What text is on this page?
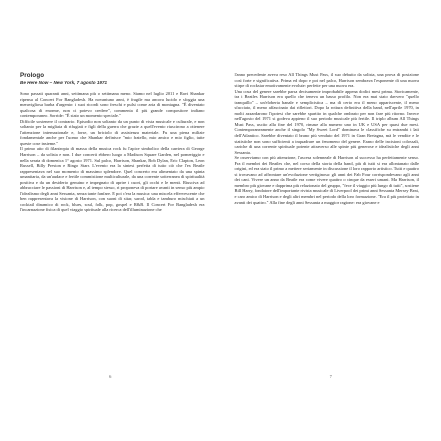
Prologo
Be Here Now – New York, 7 agosto 1971

Sono passati quaranti anni, settimana più o settimana meno. Siamo nel luglio 2011 e Ravi Shankar ripensa al Concert For Bangladesh. Ha novantuno anni, è fragile ma ancora lucido e sfoggia una meravigliosa barba d'argento: i suoi ricordi sono freschi e pulsi come aria di montagna. "È diventato qualcosa di enorme, non ci potevo credere", commenta il più grande compositore indiano contemporaneo. Sorride: "È stato un momento speciale."

Difficile sostenere il contrario. Episodio non soltanto da un punto di vista musicale e culturale, e non soltanto per la migliaia di rifugiati e figli della guerra che grazie a quell'evento riuscirono a ottenere l'attenzione internazionale e, forse, un briciolo di assistenza materiale. Fu una piena milizie fondamentale anche per l'uomo che Shankar definisce "mio fratello, mio amico e mio figlio, tutte queste cose insieme."

Il primo atto di filantropia di massa della musica rock fu l'apice simbolico della carriera di George Harrison – da solista e non. I due concerti ebbero luogo a Madison Square Garden, nel pomeriggio e nella serata di domenica 1° agosto 1971. Sul palco, Harrison, Shankar, Bob Dylan, Eric Clapton, Leon Russell, Billy Preston e Ringo Starr. L'evento era la sintesi perfetta di tutto ciò che l'ex Beatle rappresentava nel suo momento di massimo splendore. Quel concerto era alimentato da una spinta umanitaria, da un'audace e fertile commistione multiculturale, da una corrente sotterranea di spiritualità positiva e da un desiderio genuino e impegnato di aprire i cuori, gli occhi e le menti. Riusciva ad abbracciare le passioni di Harrison e, al tempo stesso, ri proponeva di portare avanti in senso più ampio l'idealismo degli anni Sessanta, senza tante fanfare. E poi c'era la musica: una miscela effervescente che ben rappresentava la visione di Harrison, con suoni di sitar, sarod, tabla e tamburo mischiati a un cocktail dinamico di rock, blues, soul, folk, pop, gospel e R&B. Il Concert For Bangladesh era l'incarnazione fisica di quel viaggio spirituale alla ricerca dell'illuminazione che

6

l'anno precedente aveva reso All Things Must Pass, il suo debutto da solista, una prova di posizione così forte e significativa. Prima ed dopo e poi nel palco, Harrison sembrava l'esponente di una nuova stirpe di rockstar emotivamente evolute: perfette per una nuova era.

Una cosa del genere sarebbe parsa decisamente improbabile appena dodici mesi prima. Storicamente, tra i Beatles Harrison era quello che teneva un basso profilo. Non era mai stato davvero "quello tranquillo" – un'eloberta banale e semplicistica – ma di certo era il meno appariscente, il meno sfacciato, il meno affascinato dai riflettori. Dopo la rottura definitiva della band, nell'aprile 1970, in molti azzardarono l'ipotesi che sarebbe spartito in qualche ombrato per non fare più ritorno. Invece nell'agosto del 1971 si godeva appieno il suo periodo musicale più fertile. Il triplo album All Things Must Pass, uscito alla fine del 1970, rimase alla numero uno in UK e USA per quasi due mesi. Contemporaneamente anche il singolo "My Sweet Lord" dominava le classifiche su entrambi i lati dell'Atlantico. Sarebbe diventato il brano più venduto del 1971 in Gran Bretagna, mà le vendite e le statistiche non sono sufficienti a inquadrare un fenomeno del genere. Erano delle incisioni colossali, cariche di una corrente spirituale potente attraverso alle spinte più generose e idealistiche degli anni Sessanta.

Se osserviamo con più attenzione, l'ascesa solenneale di Harrison al successo ha perfettamente senso. Fra il membri dei Beatles che, nel corso della storia della band, più di tutti si era allontanato dalle origini, ed era stato il primo a mettere seriamente in discussione il loro rapporto artistico. Tutti e quattro si trovavano ad affrontare un'evoluzione vertiginosa: gli anni dei Fab Four corrispondevano agli anni dei cani. Vivere un anno da Beatle era come vivere quattro o cinque da esseri umani. Ma Harrison, il membro più giovane e dapprima più relazionato del gruppo, "fece il viaggio più lungo di tutti", sostiene Bill Harry, fondatore dell'importante rivista musicale di Liverpool dei primi anni Sessanta Mersey Beat, e caro amico di Harrison e degli altri membri nel periodo della loro formazione. "Era il più proiettato in avanti dei quattro." Alla fine degli anni Sessanta a maggior ragione: era giovane e

7
